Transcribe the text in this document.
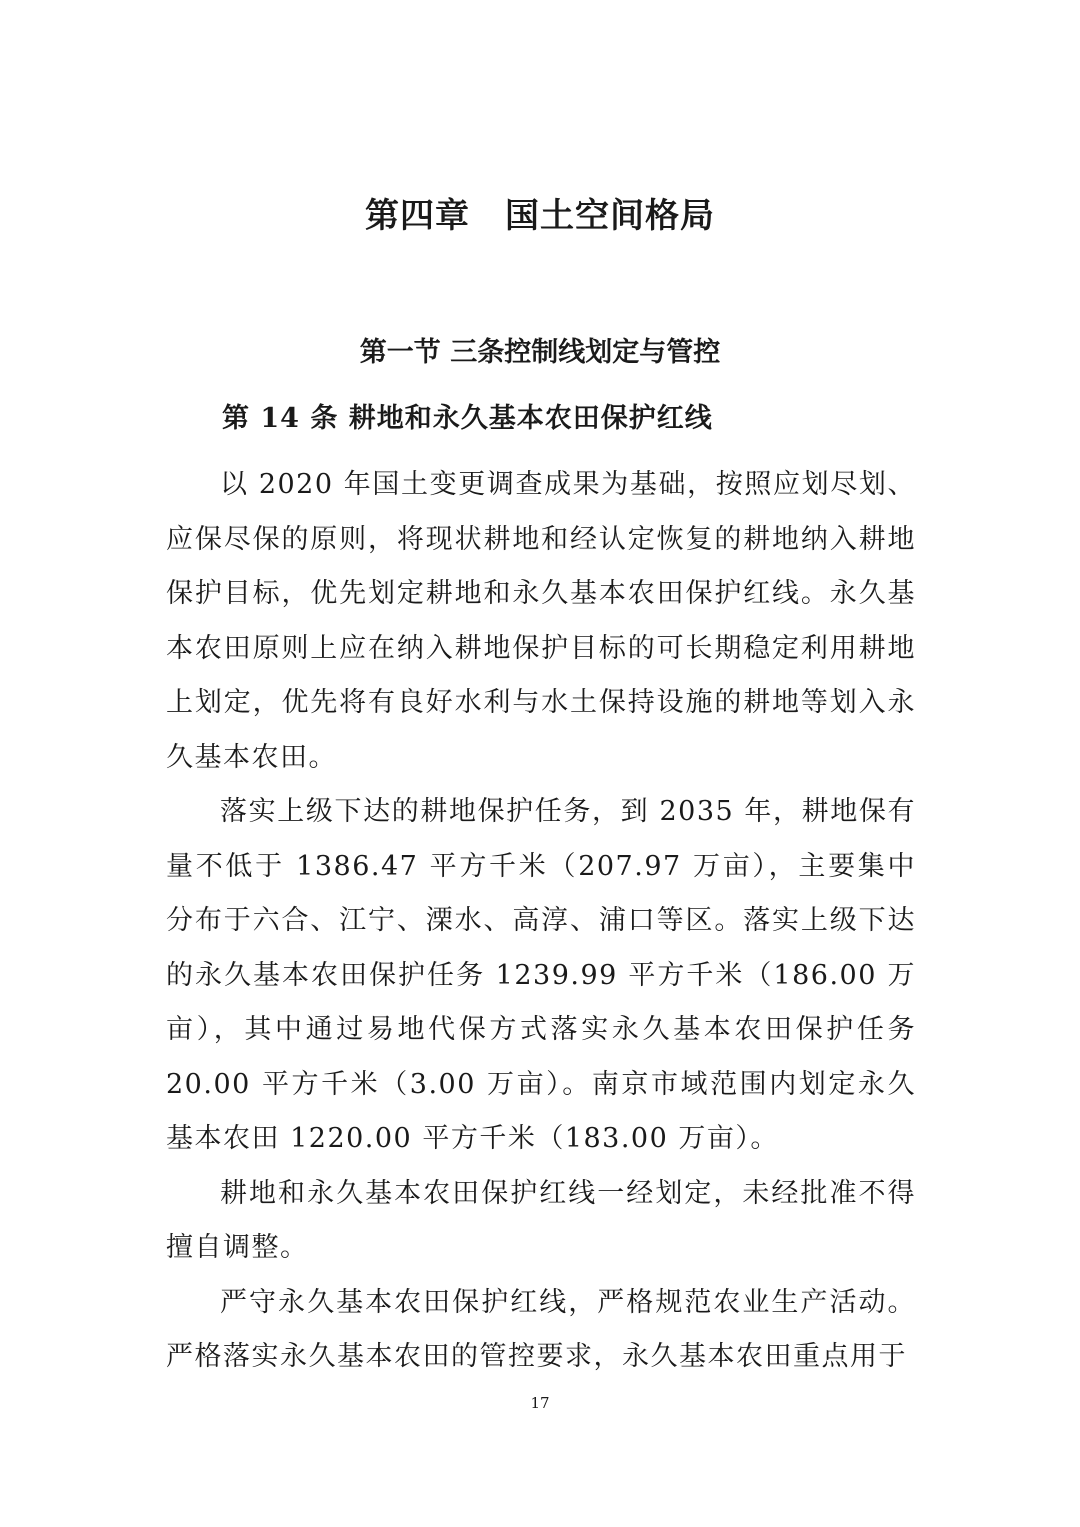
第四章　国土空间格局
第一节 三条控制线划定与管控
第 14 条 耕地和永久基本农田保护红线

以 2020 年国土变更调查成果为基础，按照应划尽划、应保尽保的原则，将现状耕地和经认定恢复的耕地纳入耕地保护目标，优先划定耕地和永久基本农田保护红线。永久基本农田原则上应在纳入耕地保护目标的可长期稳定利用耕地上划定，优先将有良好水利与水土保持设施的耕地等划入永久基本农田。

落实上级下达的耕地保护任务，到 2035 年，耕地保有量不低于 1386.47 平方千米（207.97 万亩），主要集中分布于六合、江宁、溧水、高淳、浦口等区。落实上级下达的永久基本农田保护任务 1239.99 平方千米（186.00 万亩），其中通过易地代保方式落实永久基本农田保护任务 20.00 平方千米（3.00 万亩）。南京市域范围内划定永久基本农田 1220.00 平方千米（183.00 万亩）。

耕地和永久基本农田保护红线一经划定，未经批准不得擅自调整。

严守永久基本农田保护红线，严格规范农业生产活动。严格落实永久基本农田的管控要求，永久基本农田重点用于

17
